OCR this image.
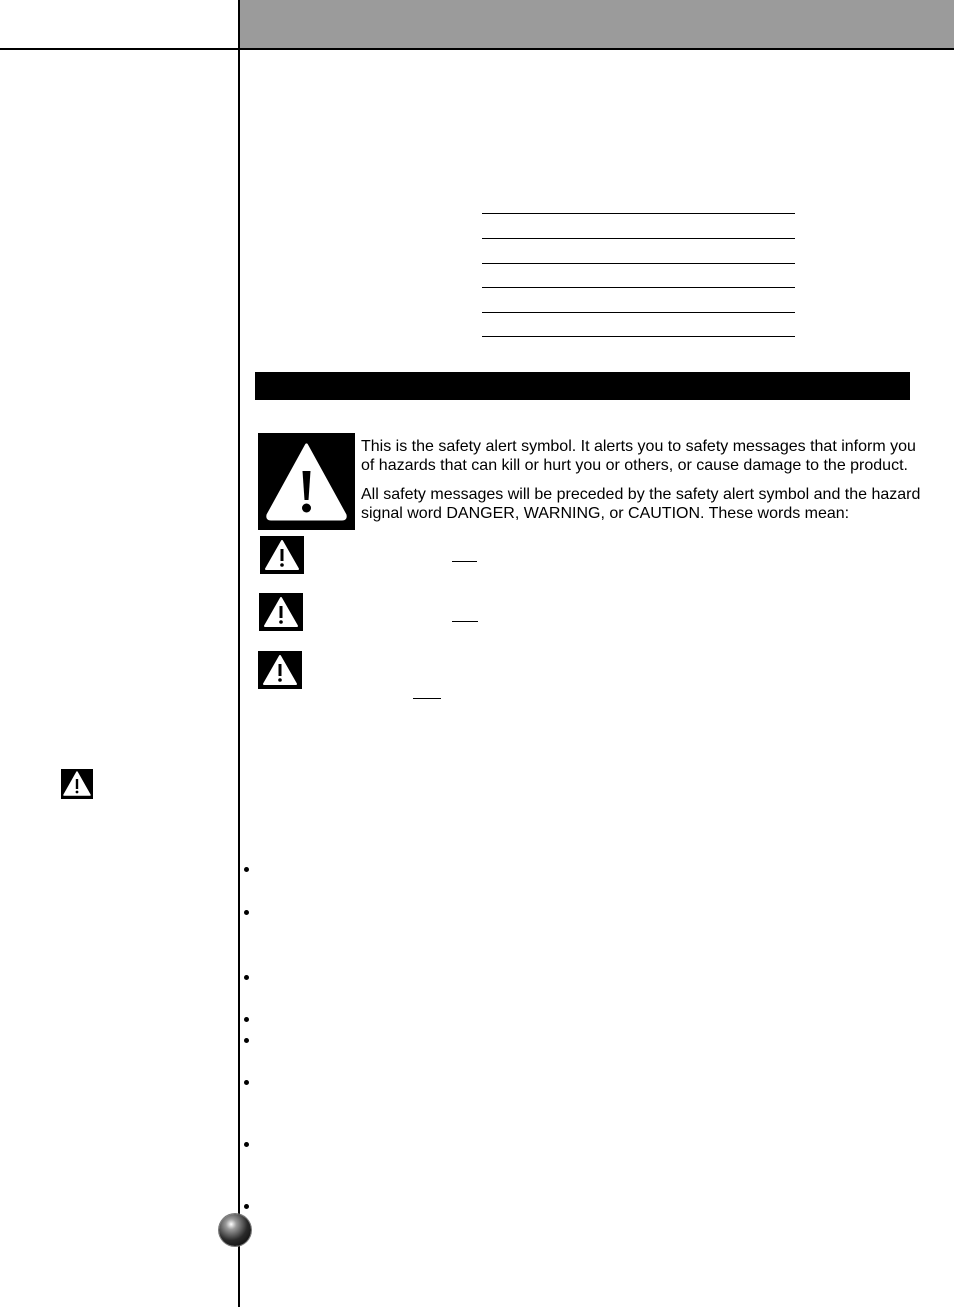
This is the safety alert symbol. It alerts you to safety messages that inform you of hazards that can kill or hurt you or others, or cause damage to the product.
All safety messages will be preceded by the safety alert symbol and the hazard signal word DANGER, WARNING, or CAUTION. These words mean:
